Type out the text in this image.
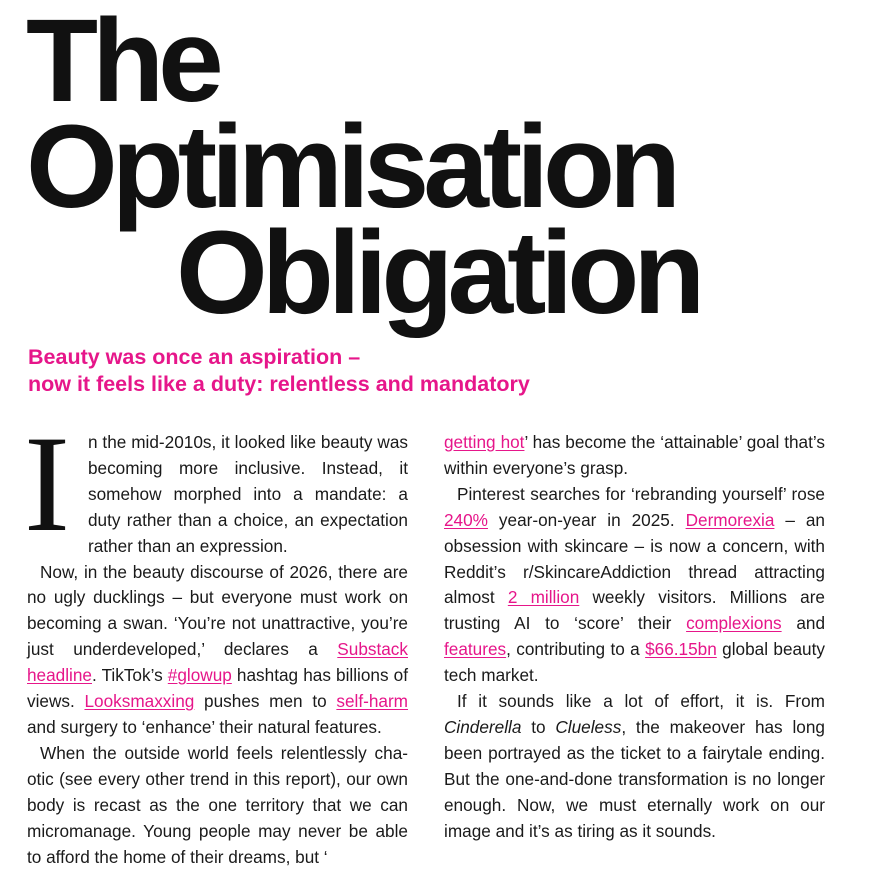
The
Optimisation
Obligation
Beauty was once an aspiration –
now it feels like a duty: relentless and mandatory

I n the mid-2010s, it looked like beauty was becoming more inclusive. Instead, it somehow morphed into a mandate: a duty rather than a choice, an expectation rather than an expression.

Now, in the beauty discourse of 2026, there are no ugly ducklings – but everyone must work on becoming a swan. ‘You’re not unattractive, you’re just underdeveloped,’ declares a Substack headline. TikTok’s #glowup hashtag has billions of views. Looksmaxxing pushes men to self-harm and surgery to ‘enhance’ their natural features.

When the outside world feels relentlessly chaotic (see every other trend in this report), our own body is recast as the one territory that we can micromanage. Young people may never be able to afford the home of their dreams, but ‘

getting hot’ has become the ‘attainable’ goal that’s within everyone’s grasp.

Pinterest searches for ‘rebranding yourself’ rose 240% year-on-year in 2025. Dermorexia – an obsession with skincare – is now a concern, with Reddit’s r/SkincareAddiction thread attracting almost 2 million weekly visitors. Millions are trusting AI to ‘score’ their complexions and features, contributing to a $66.15bn global beauty tech market.

If it sounds like a lot of effort, it is. From Cinderella to Clueless, the makeover has long been portrayed as the ticket to a fairytale ending. But the one-and-done transformation is no longer enough. Now, we must eternally work on our image and it’s as tiring as it sounds.
